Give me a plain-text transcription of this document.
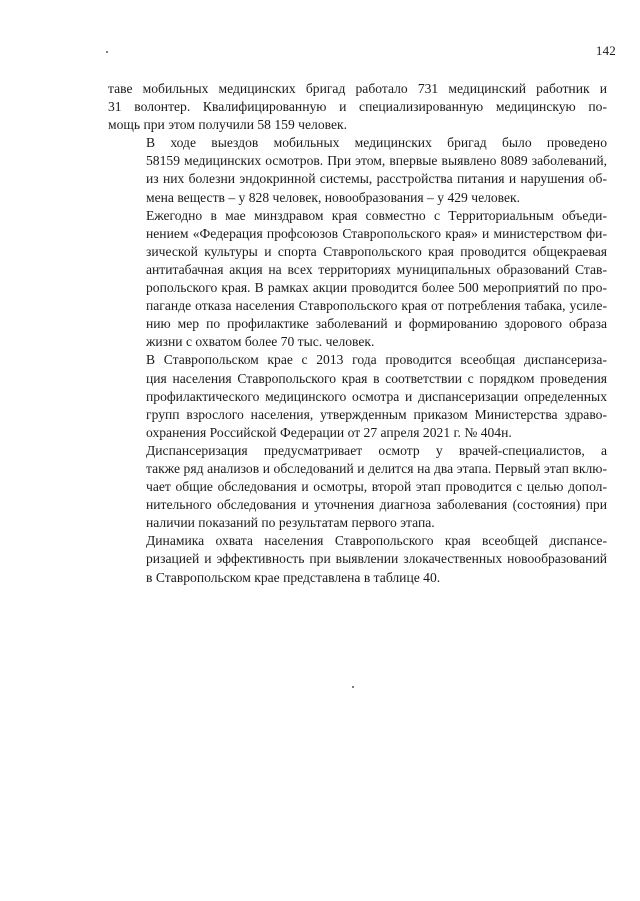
142

таве мобильных медицинских бригад работало 731 медицинский работник и
31 волонтер. Квалифицированную и специализированную медицинскую по-
мощь при этом получили 58 159 человек.

В ходе выездов мобильных медицинских бригад было проведено
58159 медицинских осмотров. При этом, впервые выявлено 8089 заболеваний,
из них болезни эндокринной системы, расстройства питания и нарушения об-
мена веществ – у 828 человек, новообразования – у 429 человек.

Ежегодно в мае минздравом края совместно с Территориальным объеди-
нением «Федерация профсоюзов Ставропольского края» и министерством фи-
зической культуры и спорта Ставропольского края проводится общекраевая
антитабачная акция на всех территориях муниципальных образований Став-
ропольского края. В рамках акции проводится более 500 мероприятий по про-
паганде отказа населения Ставропольского края от потребления табака, усиле-
нию мер по профилактике заболеваний и формированию здорового образа
жизни с охватом более 70 тыс. человек.

В Ставропольском крае с 2013 года проводится всеобщая диспансериза-
ция населения Ставропольского края в соответствии с порядком проведения
профилактического медицинского осмотра и диспансеризации определенных
групп взрослого населения, утвержденным приказом Министерства здраво-
охранения Российской Федерации от 27 апреля 2021 г. № 404н.

Диспансеризация предусматривает осмотр у врачей-специалистов, а
также ряд анализов и обследований и делится на два этапа. Первый этап вклю-
чает общие обследования и осмотры, второй этап проводится с целью допол-
нительного обследования и уточнения диагноза заболевания (состояния) при
наличии показаний по результатам первого этапа.

Динамика охвата населения Ставропольского края всеобщей диспансе-
ризацией и эффективность при выявлении злокачественных новообразований
в Ставропольском крае представлена в таблице 40.
